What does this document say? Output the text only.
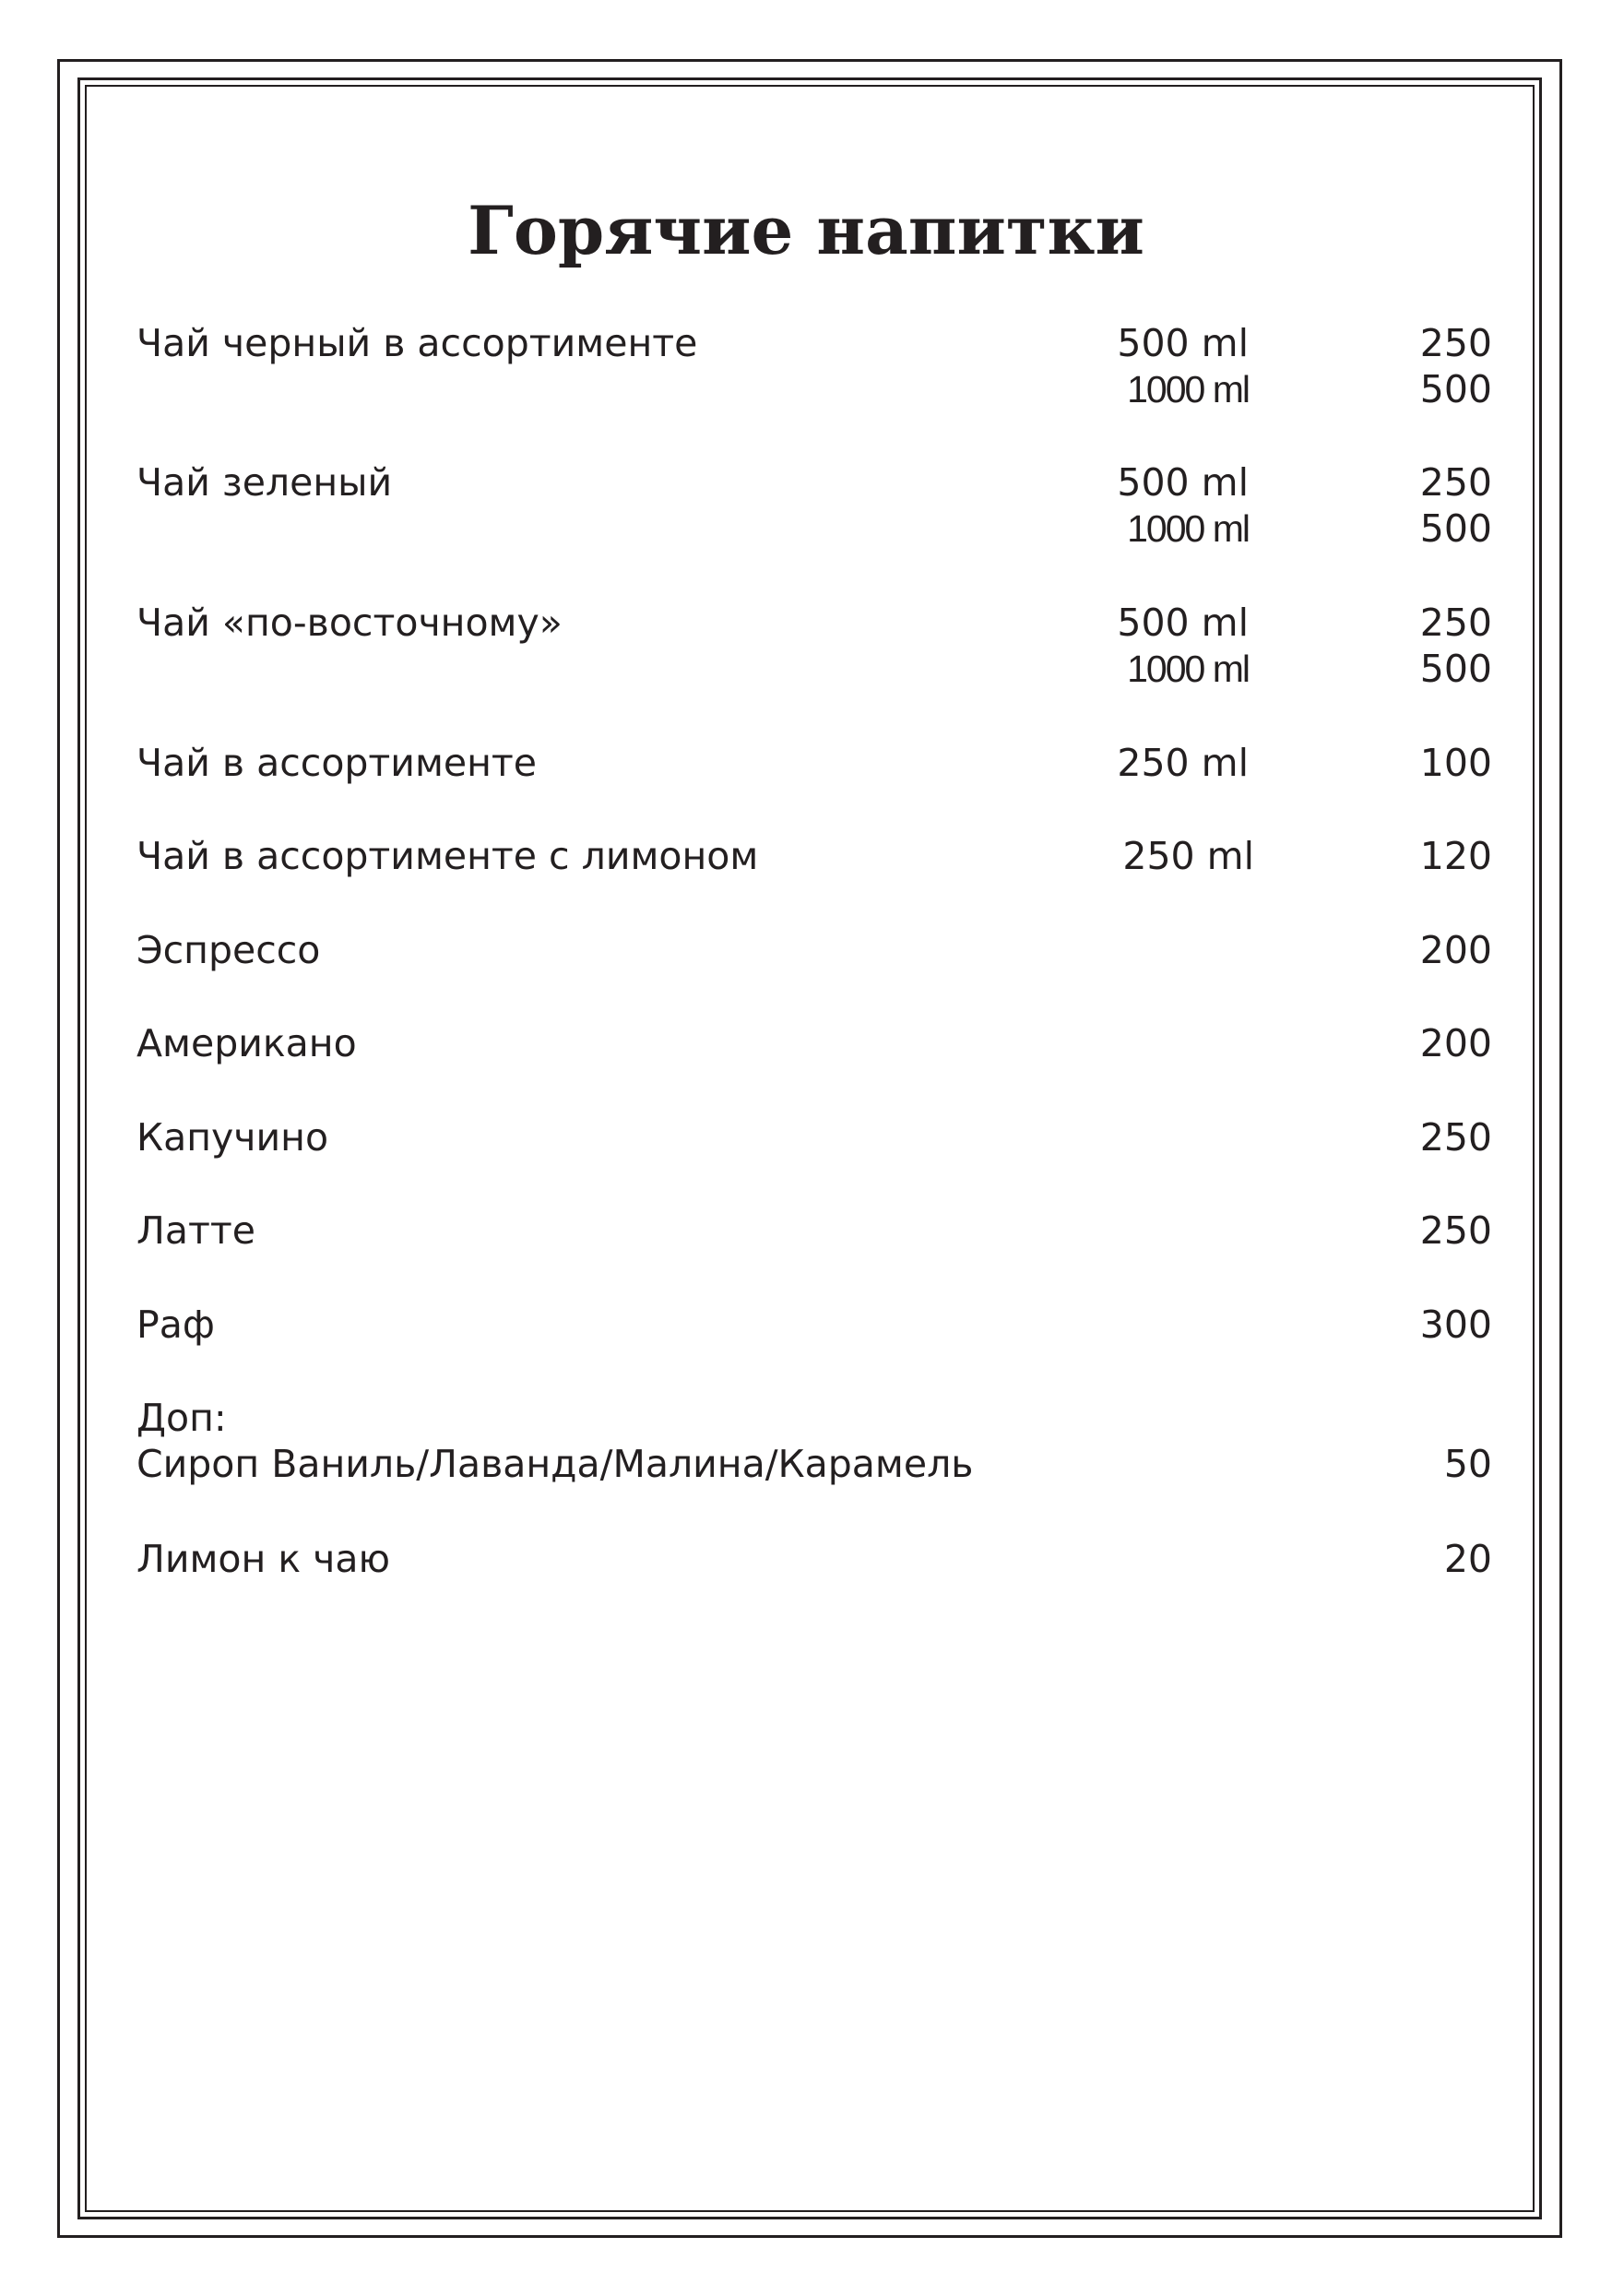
Горячие напитки
Чай черный в ассортименте	500 ml	250
1000 ml	500
Чай зеленый	500 ml	250
1000 ml	500
Чай «по-восточному»	500 ml	250
1000 ml	500
Чай в ассортименте	250 ml	100
Чай в ассортименте с лимоном	250 ml	120
Эспрессо	200
Американо	200
Капучино	250
Латте	250
Раф	300
Доп:
Сироп Ваниль/Лаванда/Малина/Карамель	50
Лимон к чаю	20
